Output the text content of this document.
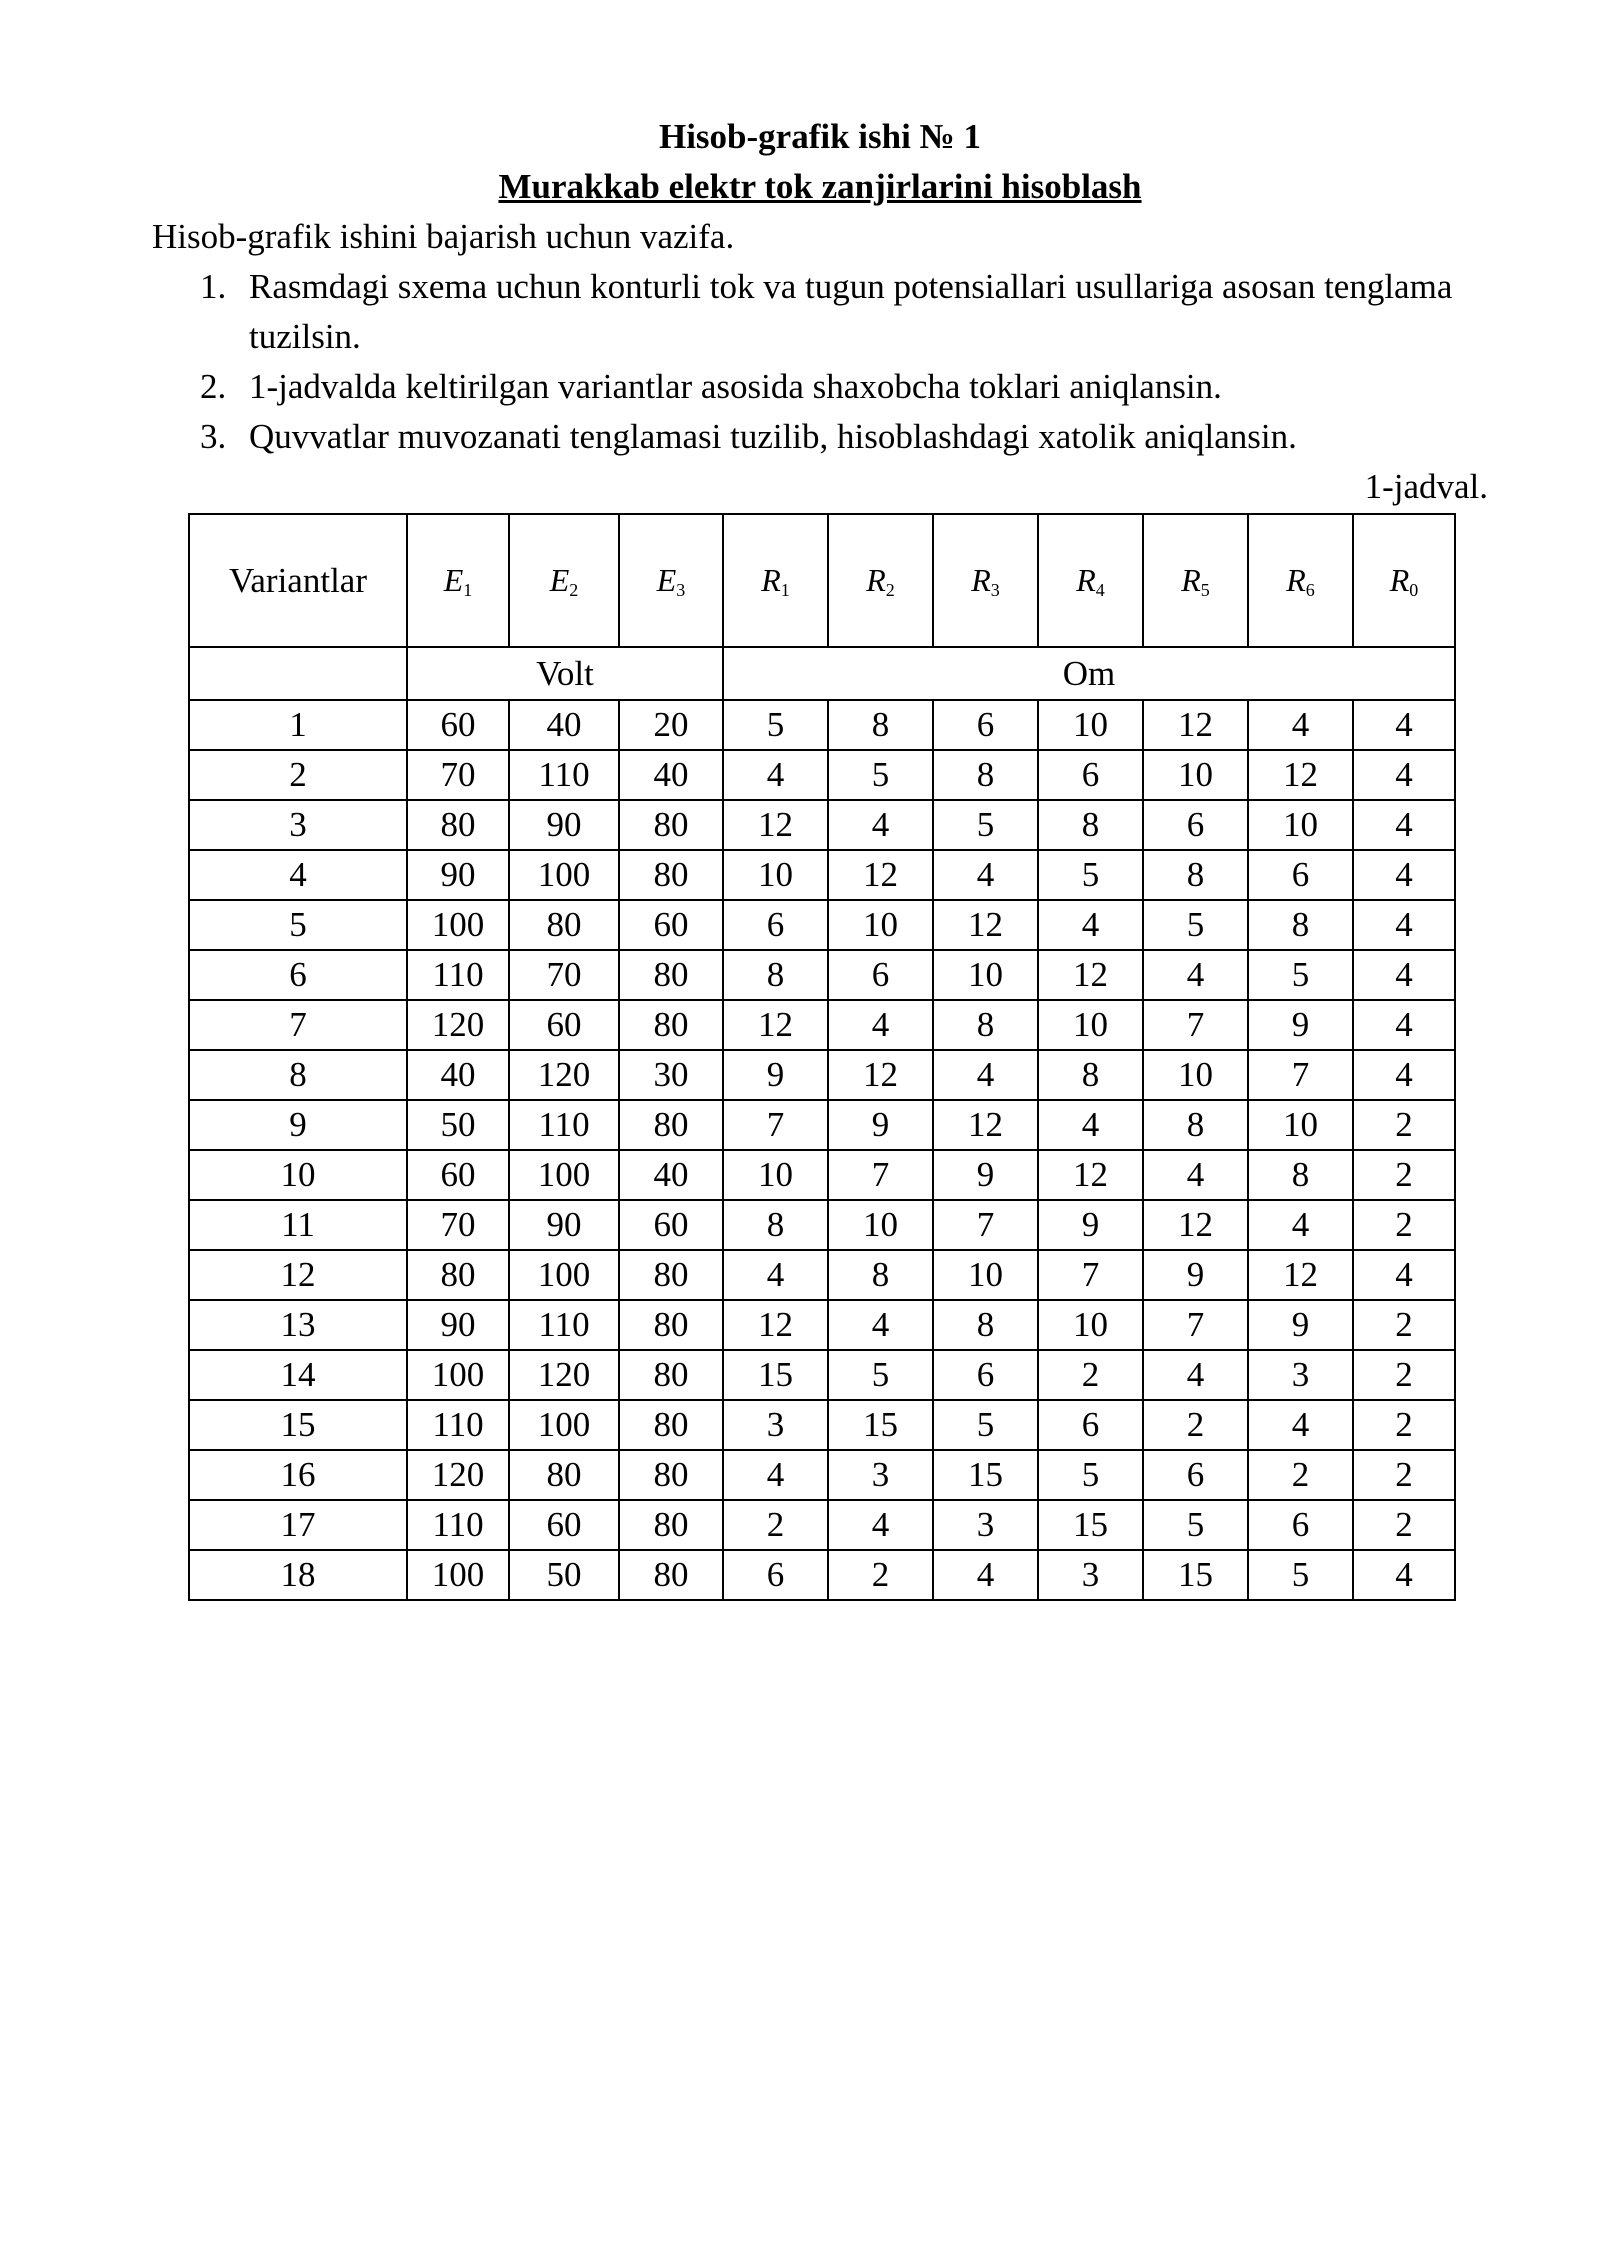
Hisob-grafik ishi № 1
Murakkab elektr tok zanjirlarini hisoblash
Hisob-grafik ishini bajarish uchun vazifa.
1. Rasmdagi sxema uchun konturli tok va tugun potensiallari usullariga asosan tenglama tuzilsin.
2. 1-jadvalda keltirilgan variantlar asosida shaxobcha toklari aniqlansin.
3. Quvvatlar muvozanati tenglamasi tuzilib, hisoblashdagi xatolik aniqlansin.
1-jadval.
Variantlar	$E_1$	$E_2$	$E_3$	$R_1$	$R_2$	$R_3$	$R_4$	$R_5$	$R_6$	$R_0$
	Volt			Om						
1	60	40	20	5	8	6	10	12	4	4
2	70	110	40	4	5	8	6	10	12	4
3	80	90	80	12	4	5	8	6	10	4
4	90	100	80	10	12	4	5	8	6	4
5	100	80	60	6	10	12	4	5	8	4
6	110	70	80	8	6	10	12	4	5	4
7	120	60	80	12	4	8	10	7	9	4
8	40	120	30	9	12	4	8	10	7	4
9	50	110	80	7	9	12	4	8	10	2
10	60	100	40	10	7	9	12	4	8	2
11	70	90	60	8	10	7	9	12	4	2
12	80	100	80	4	8	10	7	9	12	4
13	90	110	80	12	4	8	10	7	9	2
14	100	120	80	15	5	6	2	4	3	2
15	110	100	80	3	15	5	6	2	4	2
16	120	80	80	4	3	15	5	6	2	2
17	110	60	80	2	4	3	15	5	6	2
18	100	50	80	6	2	4	3	15	5	4
